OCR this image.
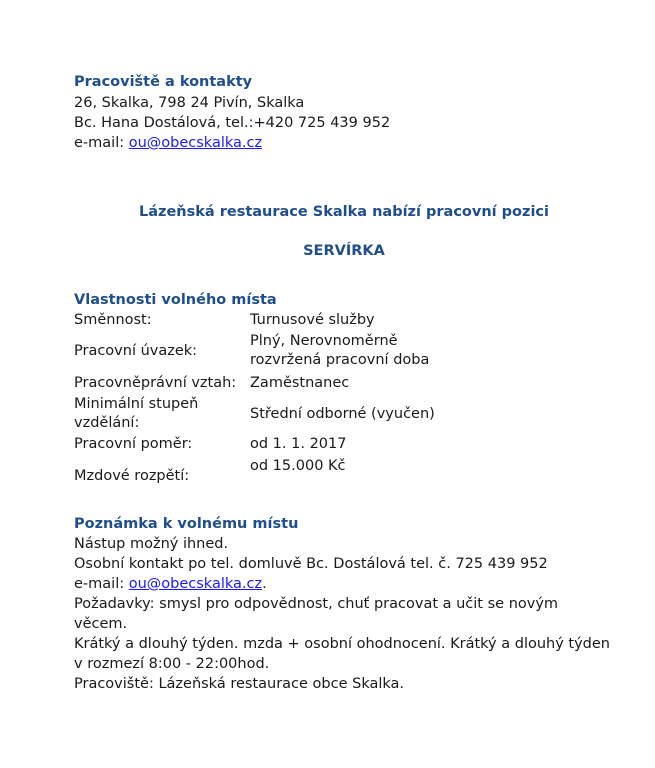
Pracoviště a kontakty

26, Skalka, 798 24 Pivín, Skalka

Bc. Hana Dostálová, tel.:+420 725 439 952

e-mail: ou@obecskalka.cz

Lázeňská restaurace Skalka nabízí pracovní pozici

SERVÍRKA

Vlastnosti volného místa

Směnnost:	Turnusové služby
Pracovní úvazek:
Plný, Nerovnoměrně rozvržená pracovní doba
Pracovněprávní vztah: Zaměstnanec
Minimální stupeň vzdělání:
Střední odborné (vyučen)
Pracovní poměr:	od 1. 1. 2017
Mzdové rozpětí:
od 15.000 Kč

Poznámka k volnému místu

Nástup možný ihned.

Osobní kontakt po tel. domluvě Bc. Dostálová tel. č. 725 439 952

e-mail: ou@obecskalka.cz.

Požadavky: smysl pro odpovědnost, chuť pracovat a učit se novým věcem.

Krátký a dlouhý týden. mzda + osobní ohodnocení. Krátký a dlouhý týden

v rozmezí 8:00 - 22:00hod.

Pracoviště: Lázeňská restaurace obce Skalka.
